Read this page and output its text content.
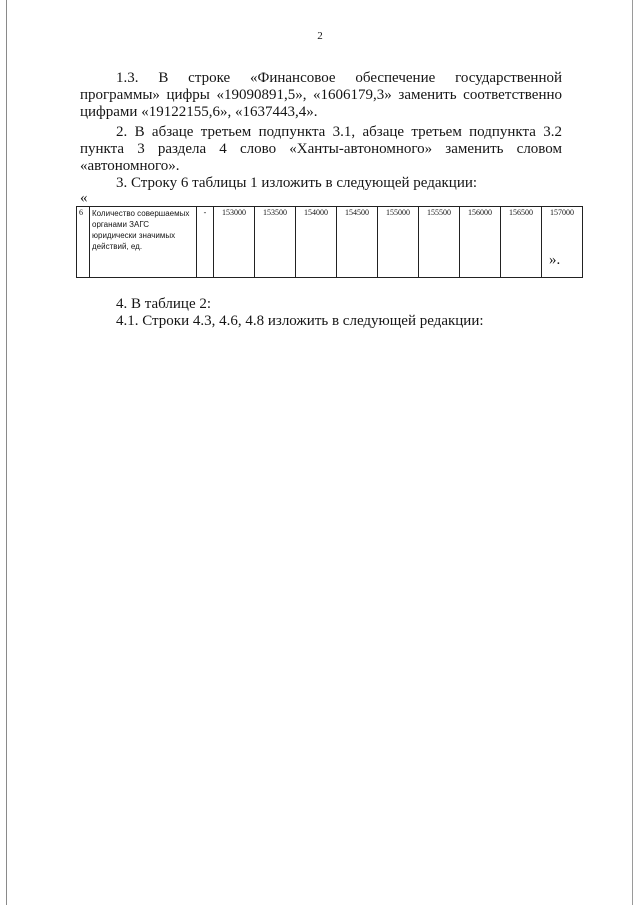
2
1.3. В строке «Финансовое обеспечение государственной
программы» цифры «19090891,5», «1606179,3» заменить соответственно
цифрами «19122155,6», «1637443,4».
2. В абзаце третьем подпункта 3.1, абзаце третьем подпункта 3.2
пункта 3 раздела 4 слово «Ханты-автономного» заменить словом
«автономного».
3. Строку 6 таблицы 1 изложить в следующей редакции:
«
6	Количество совершаемых органами ЗАГС юридически значимых действий, ед.	-	153000	153500	154000	154500	155000	155500	156000	156500	157000
».
4. В таблице 2:
4.1. Строки 4.3, 4.6, 4.8 изложить в следующей редакции:
